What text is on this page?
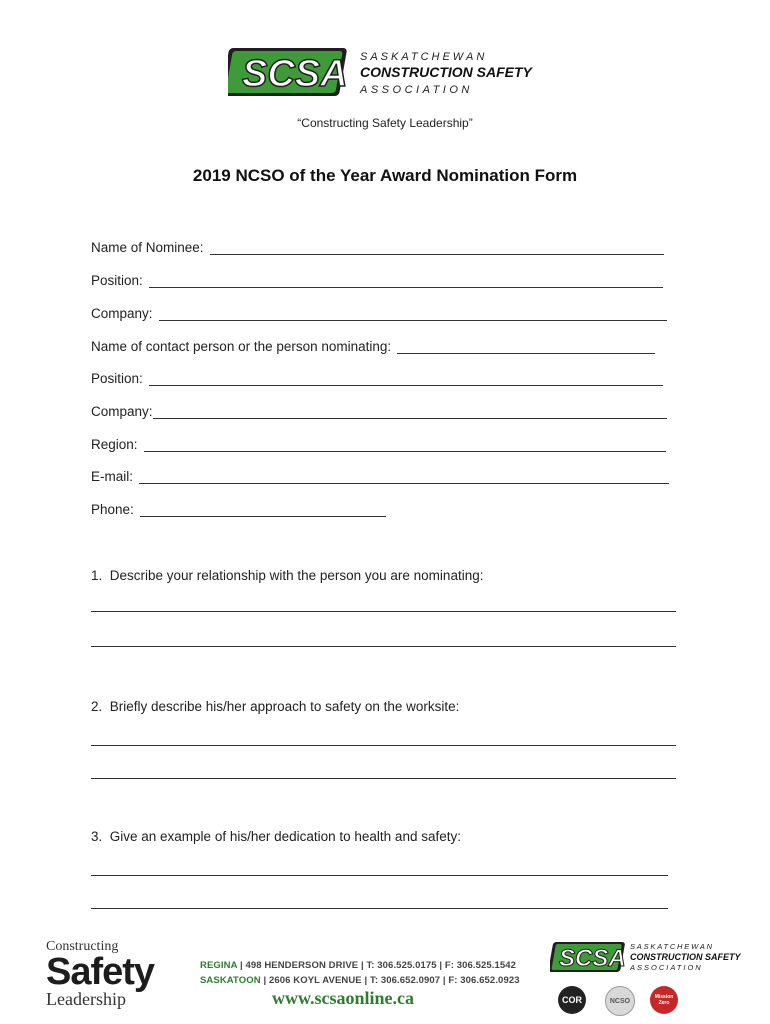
SCSA SASKATCHEWAN
CONSTRUCTION SAFETY
ASSOCIATION
“Constructing Safety Leadership”
2019 NCSO of the Year Award Nomination Form
Name of Nominee:
Position:
Company:
Name of contact person or the person nominating:
Position:
Company:
Region:
E-mail:
Phone:
1.  Describe your relationship with the person you are nominating:
2.  Briefly describe his/her approach to safety on the worksite:
3.  Give an example of his/her dedication to health and safety:
Constructing
Safety
Leadership
REGINA | 498 HENDERSON DRIVE | T: 306.525.0175 | F: 306.525.1542
SASKATOON | 2606 KOYL AVENUE | T: 306.652.0907 | F: 306.652.0923
www.scsaonline.ca
SCSA SASKATCHEWAN
CONSTRUCTION SAFETY
ASSOCIATION
COR	NCSO
Mission Zero
